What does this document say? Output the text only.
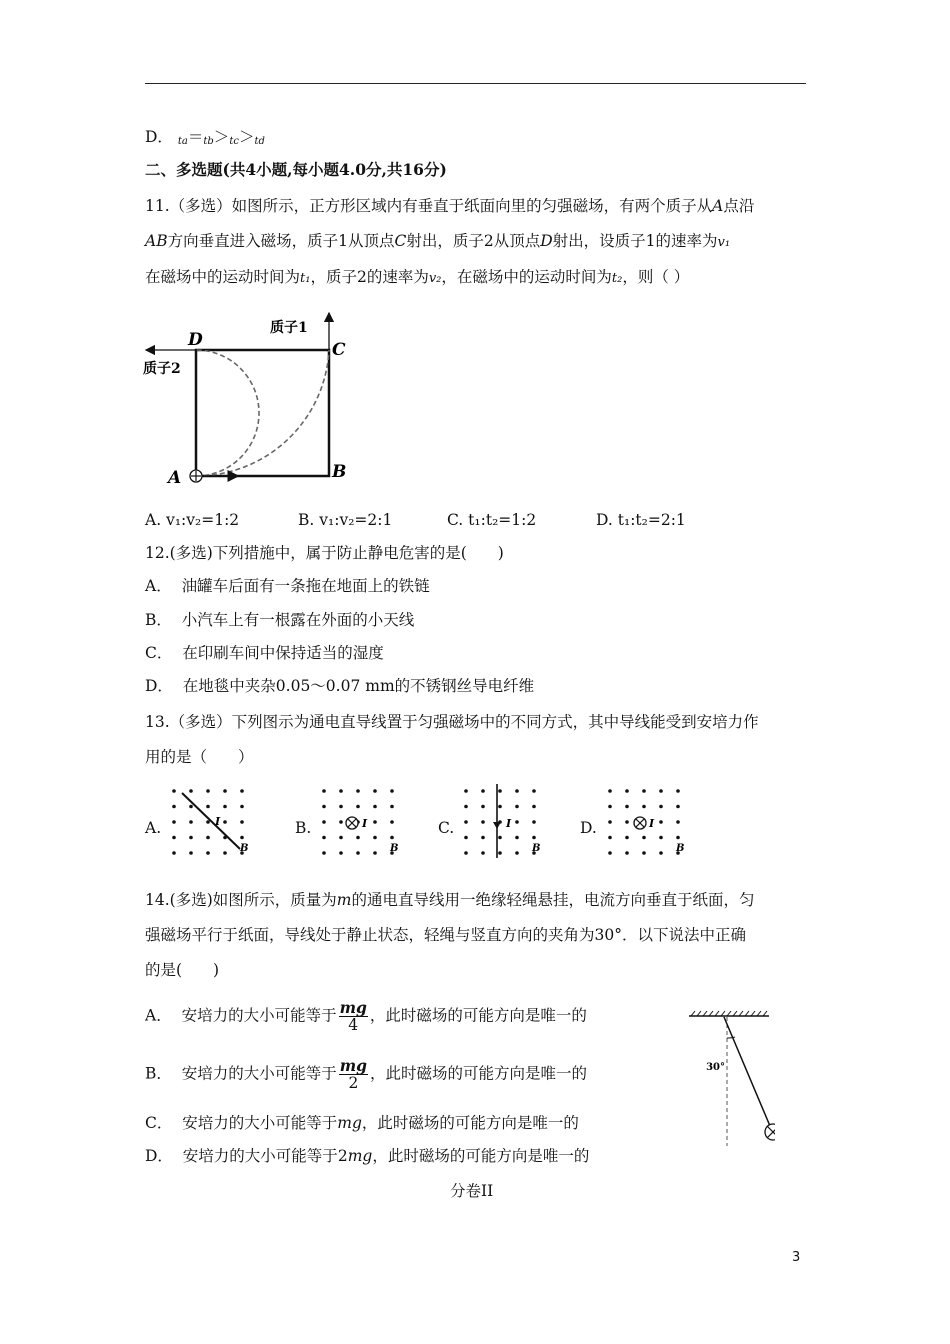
D． $_{ta}=_{tb}>_{tc}>_{td}$
二、多选题(共4小题,每小题4.0分,共16分)
11.（多选）如图所示，正方形区域内有垂直于纸面向里的匀强磁场，有两个质子从A点沿
AB方向垂直进入磁场，质子1从顶点C射出，质子2从顶点D射出，设质子1的速率为v₁
在磁场中的运动时间为t₁，质子2的速率为v₂，在磁场中的运动时间为t₂，则（ ）
D	C
A	B
质子1
质子2
A. v₁:v₂=1:2	B. v₁:v₂=2:1	C. t₁:t₂=1:2	D. t₁:t₂=2:1
12.(多选)下列措施中，属于防止静电危害的是(　　)
A． 油罐车后面有一条拖在地面上的铁链
B． 小汽车上有一根露在外面的小天线
C． 在印刷车间中保持适当的湿度
D． 在地毯中夹杂0.05～0.07 mm的不锈钢丝导电纤维
13.（多选）下列图示为通电直导线置于匀强磁场中的不同方式，其中导线能受到安培力作
用的是（　　）
A.	B.	C.	D.
I
B
I
B
I
B
I
B
14.(多选)如图所示，质量为m的通电直导线用一绝缘轻绳悬挂，电流方向垂直于纸面，匀
强磁场平行于纸面，导线处于静止状态，轻绳与竖直方向的夹角为30°．以下说法中正确
的是(　　)
A． 安培力的大小可能等于 $\frac{mg}{4}$ ，此时磁场的可能方向是唯一的
B． 安培力的大小可能等于 $\frac{mg}{2}$ ，此时磁场的可能方向是唯一的
C． 安培力的大小可能等于mg，此时磁场的可能方向是唯一的
D． 安培力的大小可能等于2mg，此时磁场的可能方向是唯一的
30°
分卷II
3
